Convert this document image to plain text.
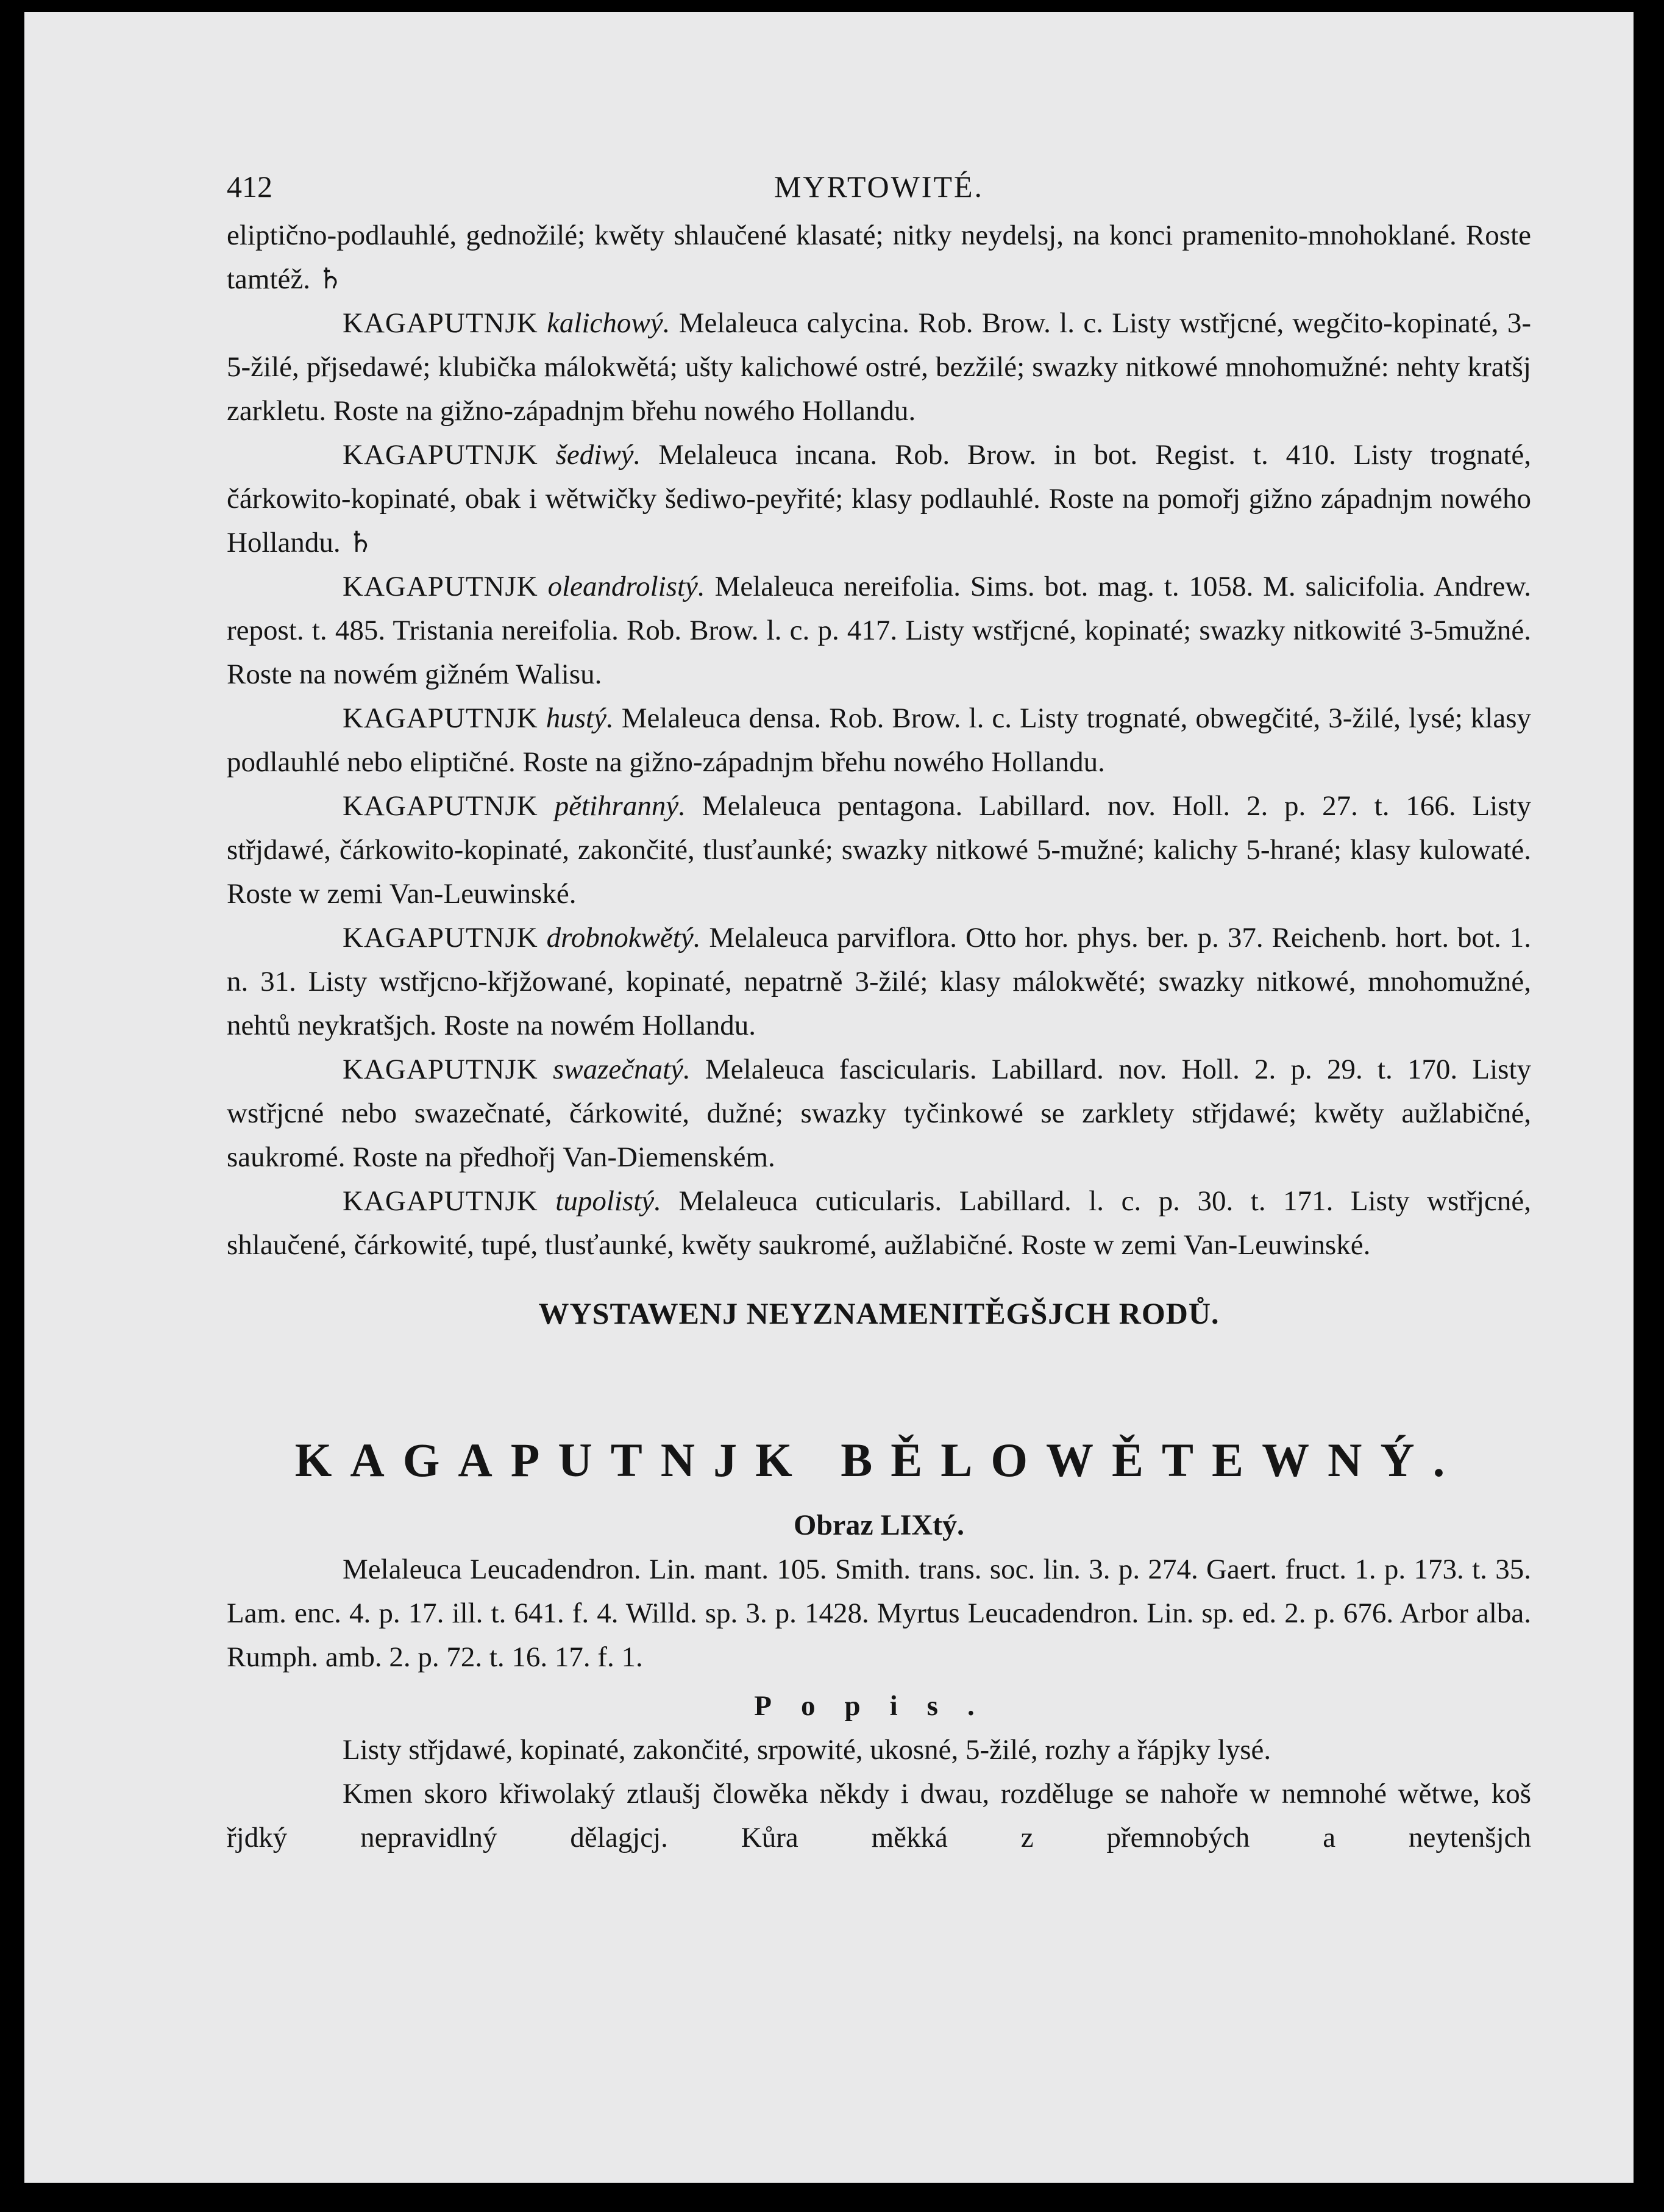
412	MYRTOWITÉ.

eliptično-podlauhlé, gednožilé; kwěty shlaučené klasaté; nitky neydelsj, na konci pramenito-mnohoklané. Roste tamtéž. ♄

KAGAPUTNJK kalichowý. Melaleuca calycina. Rob. Brow. l. c. Listy wstřjcné, wegčito-kopinaté, 3-5-žilé, přjsedawé; klubička málokwětá; ušty kalichowé ostré, bezžilé; swazky nitkowé mnohomužné: nehty kratšj zarkletu. Roste na gižno-západnjm břehu nowého Hollandu.

KAGAPUTNJK šediwý. Melaleuca incana. Rob. Brow. in bot. Regist. t. 410. Listy trognaté, čárkowito-kopinaté, obak i wětwičky šediwo-peyřité; klasy podlauhlé. Roste na pomořj gižno západnjm nowého Hollandu. ♄

KAGAPUTNJK oleandrolistý. Melaleuca nereifolia. Sims. bot. mag. t. 1058. M. salicifolia. Andrew. repost. t. 485. Tristania nereifolia. Rob. Brow. l. c. p. 417. Listy wstřjcné, kopinaté; swazky nitkowité 3-5mužné. Roste na nowém gižném Walisu.

KAGAPUTNJK hustý. Melaleuca densa. Rob. Brow. l. c. Listy trognaté, obwegčité, 3-žilé, lysé; klasy podlauhlé nebo eliptičné. Roste na gižno-západnjm břehu nowého Hollandu.

KAGAPUTNJK pětihranný. Melaleuca pentagona. Labillard. nov. Holl. 2. p. 27. t. 166. Listy střjdawé, čárkowito-kopinaté, zakončité, tlusťaunké; swazky nitkowé 5-mužné; kalichy 5-hrané; klasy kulowaté. Roste w zemi Van-Leuwinské.

KAGAPUTNJK drobnokwětý. Melaleuca parviflora. Otto hor. phys. ber. p. 37. Reichenb. hort. bot. 1. n. 31. Listy wstřjcno-křjžowané, kopinaté, nepatrně 3-žilé; klasy málokwěté; swazky nitkowé, mnohomužné, nehtů neykratšjch. Roste na nowém Hollandu.

KAGAPUTNJK swazečnatý. Melaleuca fascicularis. Labillard. nov. Holl. 2. p. 29. t. 170. Listy wstřjcné nebo swazečnaté, čárkowité, dužné; swazky tyčinkowé se zarklety střjdawé; kwěty aužlabičné, saukromé. Roste na předhořj Van-Diemenském.

KAGAPUTNJK tupolistý. Melaleuca cuticularis. Labillard. l. c. p. 30. t. 171. Listy wstřjcné, shlaučené, čárkowité, tupé, tlusťaunké, kwěty saukromé, aužlabičné. Roste w zemi Van-Leuwinské.

WYSTAWENJ NEYZNAMENITĚGŠJCH RODŮ.
KAGAPUTNJK BĚLOWĚTEWNÝ.
Obraz LIXtý.

Melaleuca Leucadendron. Lin. mant. 105. Smith. trans. soc. lin. 3. p. 274. Gaert. fruct. 1. p. 173. t. 35. Lam. enc. 4. p. 17. ill. t. 641. f. 4. Willd. sp. 3. p. 1428. Myrtus Leucadendron. Lin. sp. ed. 2. p. 676. Arbor alba. Rumph. amb. 2. p. 72. t. 16. 17. f. 1.

Popis.

Listy střjdawé, kopinaté, zakončité, srpowité, ukosné, 5-žilé, rozhy a řápjky lysé.

Kmen skoro křiwolaký ztlaušj člowěka někdy i dwau, rozděluge se nahoře w nemnohé wětwe, koš řjdký nepravidlný dělagjcj. Kůra měkká z přemnobých a neytenšjch
